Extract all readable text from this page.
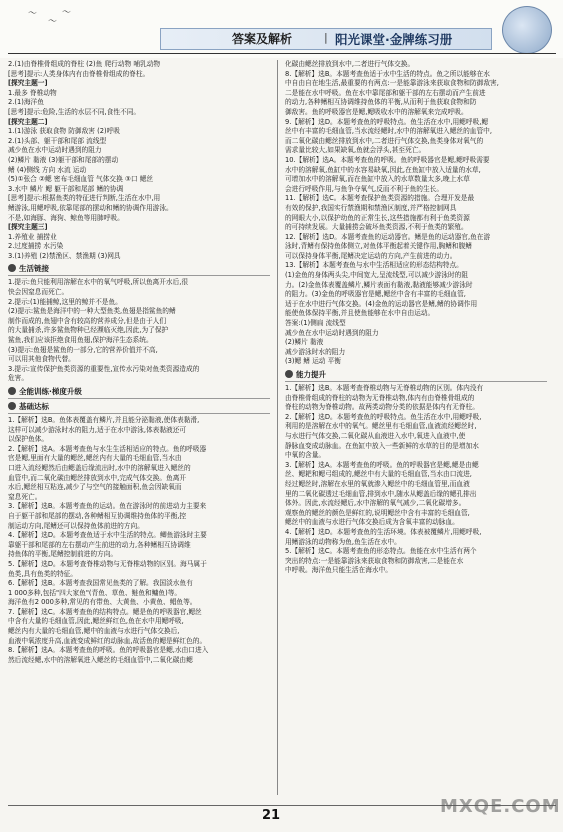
〜
〜
〜
答案及解析	| 阳光课堂·金牌练习册
2.(1)由脊椎骨组成的脊柱 (2)鱼 爬行动物 哺乳动物
[思考]提示:人类身体内有由脊椎骨组成的脊柱。
[探究主题一]
1.最多 脊椎动物
2.(1)海洋鱼
[思考]提示:危险,生活的水层不同,食性不同。
[探究主题二]
1.(1)游泳 获取食物 防御敌害 (2)呼吸
2.(1)头部、躯干部和尾部 流线型
减少鱼在水中运动时遇到的阻力
(2)鳞片 黏液 (3)躯干部和尾部的摆动
鳍 (4)侧线 方向 水流 运动
(5)①张合 ②鳃 密布毛细血管 气体交换 ③口 鳃丝
3.水中 鳞片 鳃 躯干部和尾部 鳍的协调
[思考]提示:根据鱼类的特征进行判断,生活在水中,用
鳍游泳,用鳃呼吸,依靠尾部的摆动和鳍的协调作用游泳。
不是,如海豚、海狗、鲸鱼等用肺呼吸。
[探究主题三]
1.养殖业 捕捞业
2.过度捕捞 水污染
3.(1)养殖 (2)禁渔区、禁渔期 (3)网具
生活链接
1.提示:鱼只能利用溶解在水中的氧气呼吸,所以鱼离开水后,很
快会因窒息而死亡。
2.提示:(1)能捕鲸,这里的鲸并不是鱼。
(2)提示:鲨鱼是海洋中的一种大型鱼类,鱼翅是指鲨鱼的鳍
制作而成的,鱼翅中含有较高的营养成分,但是由于人们
的大量捕杀,许多鲨鱼物种已经濒临灭绝,因此,为了保护
鲨鱼,我们应该拒绝食用鱼翅,保护海洋生态系统。
(3)提示:鱼翅是鲨鱼的一部分,它的营养价值并不高,
可以用其他食物代替。
3.提示:宣传保护鱼类资源的重要性,宣传水污染对鱼类资源造成的
危害。
全能训练·梯度升级
基础达标
1.【解析】选B。鱼体表覆盖有鳞片,并且能分泌黏液,使体表黏滑,
这样可以减少游泳时水的阻力,适于在水中游泳,体表黏液还可
以保护鱼体。
2.【解析】选A。本题考查鱼与水生生活相适应的特点。鱼的呼吸器
官是鳃,里面有大量的鳃丝,鳃丝内有大量的毛细血管,当水由
口进入流经鳃然后由鳃盖后缘流出时,水中的溶解氧进入鳃丝的
血管中,而二氧化碳由鳃丝排放到水中,完成气体交换。鱼离开
水后,鳃丝相互粘连,减少了与空气的接触面积,鱼会因缺氧而
窒息死亡。
3.【解析】选B。本题考查鱼的运动。鱼在游泳时的前进动力主要来
自于躯干部和尾部的摆动,各种鳍相互协调维持鱼体的平衡,控
制运动方向,尾鳍还可以保持鱼体前进的方向。
4.【解析】选D。本题考查鱼适于水中生活的特点。鲫鱼游泳时主要
靠躯干部和尾部的左右摆动产生前进的动力,各种鳍相互协调维
持鱼体的平衡,尾鳍控制前进的方向。
5.【解析】选D。本题考查脊椎动物与无脊椎动物的区别。海马属于
鱼类,具有鱼类的特征。
6.【解析】选B。本题考查我国常见鱼类的了解。我国淡水鱼有
1 000多种,包括"四大家鱼"(青鱼、草鱼、鲢鱼和鳙鱼)等。
海洋鱼有2 000多种,常见的有带鱼、大黄鱼、小黄鱼、鲳鱼等。
7.【解析】选C。本题考查鱼的结构特点。鳃是鱼的呼吸器官,鳃丝
中含有大量的毛细血管,因此,鳃丝鲜红色,鱼在水中用鳃呼吸,
鳃丝内有大量的毛细血管,鳃中的血液与水进行气体交换后,
血液中氧浓度升高,血液变成鲜红的动脉血,故活鱼的鳃是鲜红色的。
8.【解析】选A。本题考查鱼的呼吸。鱼的呼吸器官是鳃,水由口进入
然后流经鳃,水中的溶解氧进入鳃丝的毛细血管中,二氧化碳由鳃
化碳由鳃丝排放到水中,二者进行气体交换。
8.【解析】选B。本题考查鱼适于水中生活的特点。鱼之所以能够在水
中自由自在地生活,最重要的有两点:一是能靠游泳来获取食物和防御敌害,
二是能在水中呼吸。鱼在水中靠尾部和躯干部的左右摆动而产生前进
的动力,各种鳍相互协调维持鱼体的平衡,从而利于鱼获取食物和防
御敌害。鱼的呼吸器官是鳃,鳃吸收水中的溶解氧来完成呼吸。
9.【解析】选D。本题考查鱼的呼吸特点。鱼生活在水中,用鳃呼吸,鳃
丝中有丰富的毛细血管,当水流经鳃时,水中的溶解氧进入鳃丝的血管中,
而二氧化碳由鳃丝排放到水中,二者进行气体交换,鱼类身体对氧气的
需求量比较大,如果缺氧,鱼就会浮头,甚至死亡。
10.【解析】选A。本题考查鱼的呼吸。鱼的呼吸器官是鳃,鳃呼吸需要
水中的溶解氧,鱼缸中的水容易缺氧,因此,在鱼缸中放入适量的水草,
可增加水中的溶解氧,而在鱼缸中放入的水草数量太多,晚上水草
会进行呼吸作用,与鱼争夺氧气,反而不利于鱼的生长。
11.【解析】选C。本题考查保护鱼类资源的措施。合理开发是最
有效的保护,我国实行禁渔期和禁渔区制度,并严格控制网具
的网眼大小,以保护幼鱼的正常生长,这些措施都有利于鱼类资源
的可持续发展。大量捕捞会破坏鱼类资源,不利于鱼类的繁殖。
12.【解析】选D。本题考查鱼的运动器官。鳍是鱼的运动器官,鱼在游
泳时,背鳍有保持鱼体侧立,对鱼体平衡起着关键作用,胸鳍和腹鳍
可以保持身体平衡,尾鳍决定运动的方向,产生前进的动力。
13.【解析】本题考查鱼与水中生活相适应的形态结构特点。
(1)金鱼的身体两头尖,中间宽大,呈流线型,可以减少游泳时的阻
力。(2)金鱼体表覆盖鳞片,鳞片表面有黏液,黏液能够减少游泳时
的阻力。(3)金鱼的呼吸器官是鳃,鳃丝中含有丰富的毛细血管,
适于在水中进行气体交换。(4)金鱼的运动器官是鳍,鳍的协调作用
能使鱼体保持平衡,并且使鱼能够在水中自由运动。
答案:(1)侧扁 流线型
减少鱼在水中运动时遇到的阻力
(2)鳞片 黏液
减少游泳时水的阻力
(3)鳃 鳍 运动 平衡
能力提升
1.【解析】选B。本题考查脊椎动物与无脊椎动物的区别。体内没有
由脊椎骨组成的脊柱的动物为无脊椎动物,体内有由脊椎骨组成的
脊柱的动物为脊椎动物。故两类动物分类的依据是体内有无脊柱。
2.【解析】选D。本题考查鱼的呼吸特点。鱼生活在水中,用鳃呼吸,
利用的是溶解在水中的氧气。鳃丝里有毛细血管,血液流经鳃丝时,
与水进行气体交换,二氧化碳从血液进入水中,氧进入血液中,使
静脉血变成动脉血。在鱼缸中放入一些新鲜的水草的目的是增加水
中氧的含量。
3.【解析】选A。本题考查鱼的呼吸。鱼的呼吸器官是鳃,鳃是由鳃
丝、鳃耙和鳃弓组成的,鳃丝中有大量的毛细血管,当水由口流进,
经过鳃丝时,溶解在水里的氧就渗入鳃丝中的毛细血管里,而血液
里的二氧化碳透过毛细血管,排到水中,随水从鳃盖后缘的鳃孔排出
体外。因此,水流经鳃后,水中溶解的氧气减少,二氧化碳增多。
观察鱼的鳃丝的颜色是鲜红的,说明鳃丝中含有丰富的毛细血管,
鳃丝中的血液与水进行气体交换后成为含氧丰富的动脉血。
4.【解析】选D。本题考查鱼的生活环境。体表被覆鳞片,用鳃呼吸,
用鳍游泳的动物称为鱼,鱼生活在水中。
5.【解析】选C。本题考查鱼的形态特点。鱼能在水中生活有两个
突出的特点:一是能靠游泳来获取食物和防御敌害,二是能在水
中呼吸。海洋鱼只能生活在海水中。
21	MXQE.COM
